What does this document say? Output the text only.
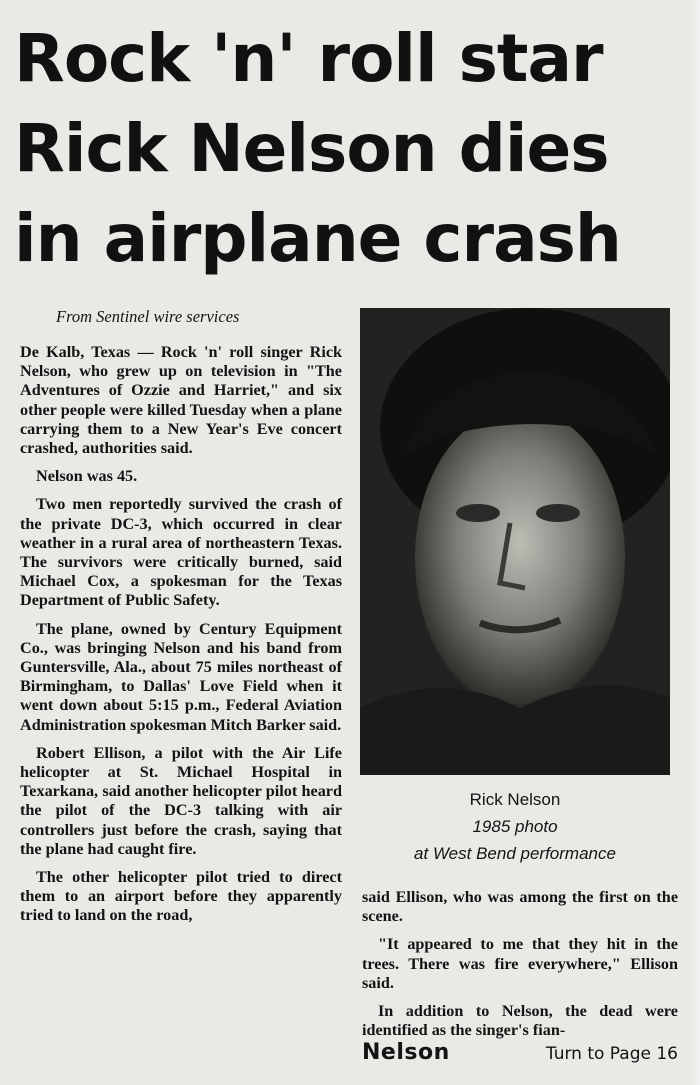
Rock 'n' roll star
Rick Nelson dies
in airplane crash
From Sentinel wire services

De Kalb, Texas — Rock 'n' roll singer Rick Nelson, who grew up on television in "The Adventures of Ozzie and Harriet," and six other people were killed Tuesday when a plane carrying them to a New Year's Eve concert crashed, authorities said.

Nelson was 45.

Two men reportedly survived the crash of the private DC-3, which occurred in clear weather in a rural area of northeastern Texas. The survivors were critically burned, said Michael Cox, a spokesman for the Texas Department of Public Safety.

The plane, owned by Century Equipment Co., was bringing Nelson and his band from Guntersville, Ala., about 75 miles northeast of Birmingham, to Dallas' Love Field when it went down about 5:15 p.m., Federal Aviation Administration spokesman Mitch Barker said.

Robert Ellison, a pilot with the Air Life helicopter at St. Michael Hospital in Texarkana, said another helicopter pilot heard the pilot of the DC-3 talking with air controllers just before the crash, saying that the plane had caught fire.

The other helicopter pilot tried to direct them to an airport before they apparently tried to land on the road,

Rick Nelson
1985 photo
at West Bend performance

said Ellison, who was among the first on the scene.

"It appeared to me that they hit in the trees. There was fire everywhere," Ellison said.

In addition to Nelson, the dead were identified as the singer's fian-

Nelson	Turn to Page 16
